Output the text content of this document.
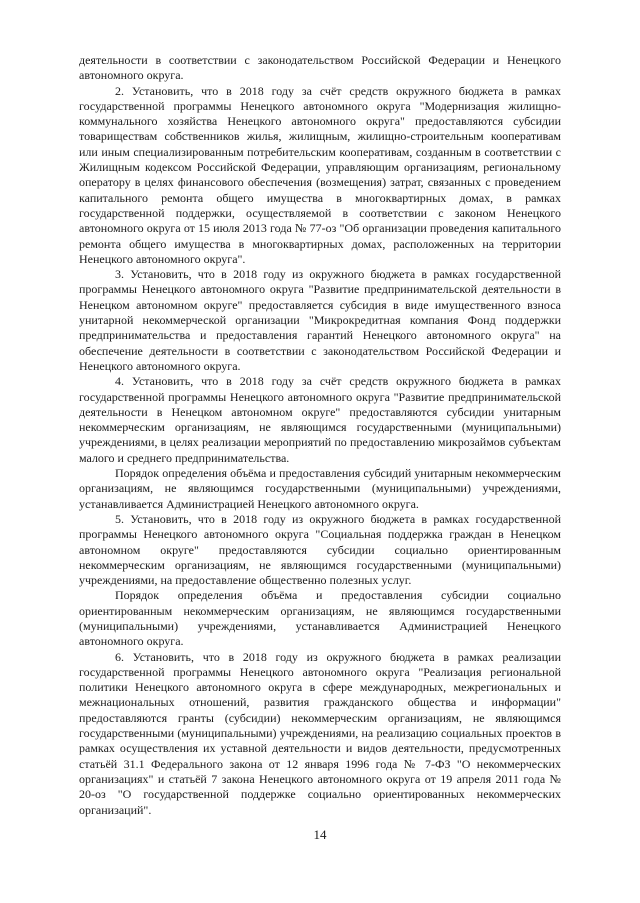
деятельности в соответствии с законодательством Российской Федерации и Ненецкого автономного округа.

2. Установить, что в 2018 году за счёт средств окружного бюджета в рамках государственной программы Ненецкого автономного округа "Модернизация жилищно-коммунального хозяйства Ненецкого автономного округа" предоставляются субсидии товариществам собственников жилья, жилищным, жилищно-строительным кооперативам или иным специализированным потребительским кооперативам, созданным в соответствии с Жилищным кодексом Российской Федерации, управляющим организациям, региональному оператору в целях финансового обеспечения (возмещения) затрат, связанных с проведением капитального ремонта общего имущества в многоквартирных домах, в рамках государственной поддержки, осуществляемой в соответствии с законом Ненецкого автономного округа от 15 июля 2013 года № 77-оз "Об организации проведения капитального ремонта общего имущества в многоквартирных домах, расположенных на территории Ненецкого автономного округа".

3. Установить, что в 2018 году из окружного бюджета в рамках государственной программы Ненецкого автономного округа "Развитие предпринимательской деятельности в Ненецком автономном округе" предоставляется субсидия в виде имущественного взноса унитарной некоммерческой организации "Микрокредитная компания Фонд поддержки предпринимательства и предоставления гарантий Ненецкого автономного округа" на обеспечение деятельности в соответствии с законодательством Российской Федерации и Ненецкого автономного округа.

4. Установить, что в 2018 году за счёт средств окружного бюджета в рамках государственной программы Ненецкого автономного округа "Развитие предпринимательской деятельности в Ненецком автономном округе" предоставляются субсидии унитарным некоммерческим организациям, не являющимся государственными (муниципальными) учреждениями, в целях реализации мероприятий по предоставлению микрозаймов субъектам малого и среднего предпринимательства.

Порядок определения объёма и предоставления субсидий унитарным некоммерческим организациям, не являющимся государственными (муниципальными) учреждениями, устанавливается Администрацией Ненецкого автономного округа.

5. Установить, что в 2018 году из окружного бюджета в рамках государственной программы Ненецкого автономного округа "Социальная поддержка граждан в Ненецком автономном округе" предоставляются субсидии социально ориентированным некоммерческим организациям, не являющимся государственными (муниципальными) учреждениями, на предоставление общественно полезных услуг.

Порядок определения объёма и предоставления субсидии социально ориентированным некоммерческим организациям, не являющимся государственными (муниципальными) учреждениями, устанавливается Администрацией Ненецкого автономного округа.

6. Установить, что в 2018 году из окружного бюджета в рамках реализации государственной программы Ненецкого автономного округа "Реализация региональной политики Ненецкого автономного округа в сфере международных, межрегиональных и межнациональных отношений, развития гражданского общества и информации" предоставляются гранты (субсидии) некоммерческим организациям, не являющимся государственными (муниципальными) учреждениями, на реализацию социальных проектов в рамках осуществления их уставной деятельности и видов деятельности, предусмотренных статьёй 31.1 Федерального закона от 12 января 1996 года № 7-ФЗ "О некоммерческих организациях" и статьёй 7 закона Ненецкого автономного округа от 19 апреля 2011 года № 20-оз "О государственной поддержке социально ориентированных некоммерческих организаций".

14
